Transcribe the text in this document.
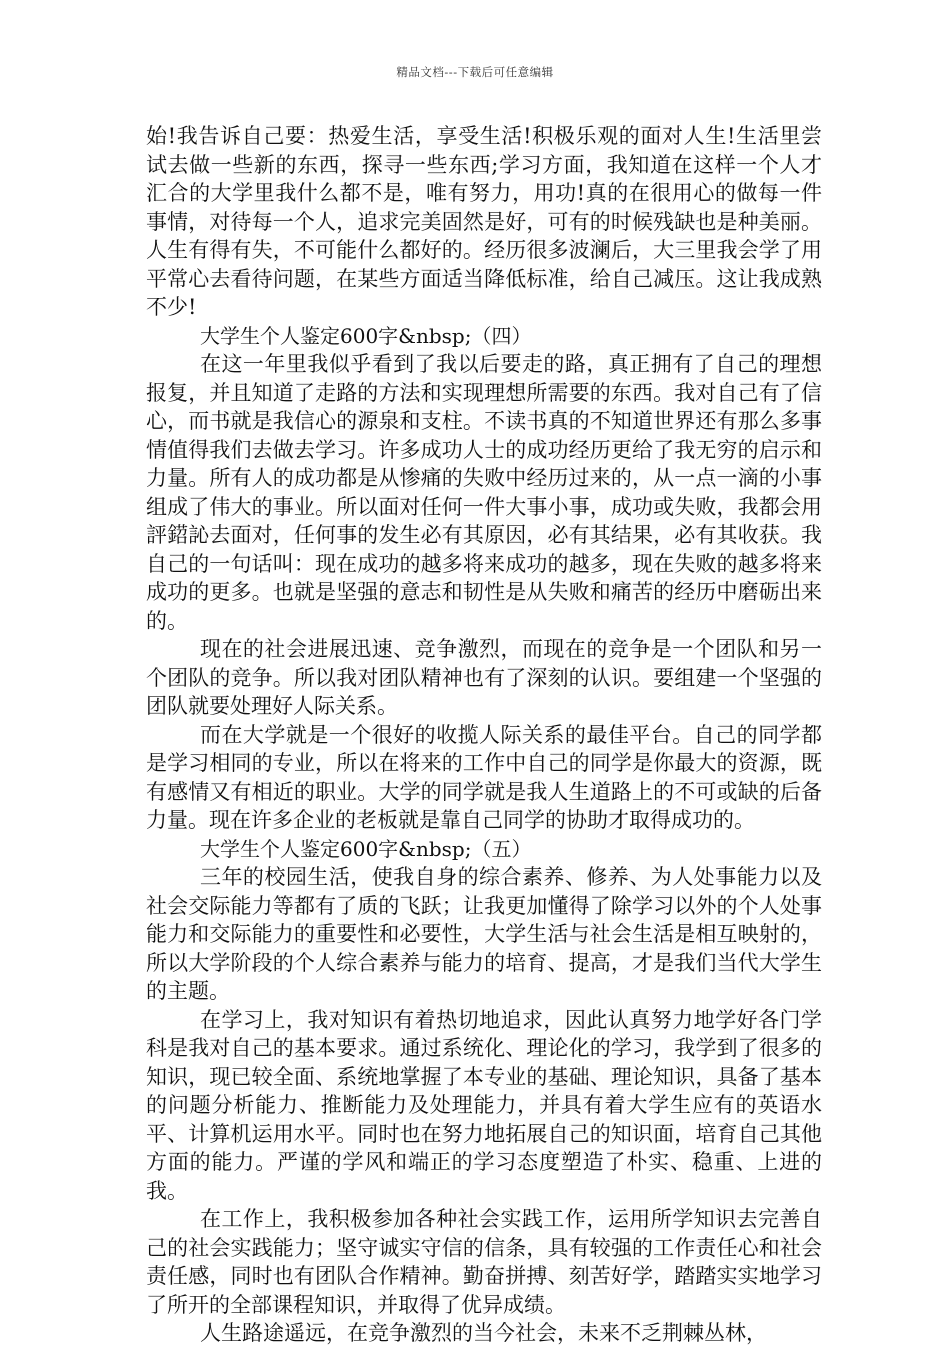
精品文档---下载后可任意编辑

始!我告诉自己要：热爱生活，享受生活!积极乐观的面对人生!生活里尝试去做一些新的东西，探寻一些东西;学习方面，我知道在这样一个人才汇合的大学里我什么都不是，唯有努力，用功!真的在很用心的做每一件事情，对待每一个人，追求完美固然是好，可有的时候残缺也是种美丽。人生有得有失，不可能什么都好的。经历很多波澜后，大三里我会学了用平常心去看待问题，在某些方面适当降低标准，给自己减压。这让我成熟不少!

大学生个人鉴定600字&nbsp;（四）

在这一年里我似乎看到了我以后要走的路，真正拥有了自己的理想报复，并且知道了走路的方法和实现理想所需要的东西。我对自己有了信心，而书就是我信心的源泉和支柱。不读书真的不知道世界还有那么多事情值得我们去做去学习。许多成功人士的成功经历更给了我无穷的启示和力量。所有人的成功都是从惨痛的失败中经历过来的，从一点一滴的小事组成了伟大的事业。所以面对任何一件大事小事，成功或失败，我都会用評鍣訫去面对，任何事的发生必有其原因，必有其结果，必有其收获。我自己的一句话叫：现在成功的越多将来成功的越多，现在失败的越多将来成功的更多。也就是坚强的意志和韧性是从失败和痛苦的经历中磨砺出来的。

现在的社会进展迅速、竞争激烈，而现在的竞争是一个团队和另一个团队的竞争。所以我对团队精神也有了深刻的认识。要组建一个坚强的团队就要处理好人际关系。

而在大学就是一个很好的收揽人际关系的最佳平台。自己的同学都是学习相同的专业，所以在将来的工作中自己的同学是你最大的资源，既有感情又有相近的职业。大学的同学就是我人生道路上的不可或缺的后备力量。现在许多企业的老板就是靠自己同学的协助才取得成功的。

大学生个人鉴定600字&nbsp;（五）

三年的校园生活，使我自身的综合素养、修养、为人处事能力以及社会交际能力等都有了质的飞跃；让我更加懂得了除学习以外的个人处事能力和交际能力的重要性和必要性，大学生活与社会生活是相互映射的，所以大学阶段的个人综合素养与能力的培育、提高，才是我们当代大学生的主题。

在学习上，我对知识有着热切地追求，因此认真努力地学好各门学科是我对自己的基本要求。通过系统化、理论化的学习，我学到了很多的知识，现已较全面、系统地掌握了本专业的基础、理论知识，具备了基本的问题分析能力、推断能力及处理能力，并具有着大学生应有的英语水平、计算机运用水平。同时也在努力地拓展自己的知识面，培育自己其他方面的能力。严谨的学风和端正的学习态度塑造了朴实、稳重、上进的我。

在工作上，我积极参加各种社会实践工作，运用所学知识去完善自己的社会实践能力；坚守诚实守信的信条，具有较强的工作责任心和社会责任感，同时也有团队合作精神。勤奋拼搏、刻苦好学，踏踏实实地学习了所开的全部课程知识，并取得了优异成绩。

人生路途遥远，在竞争激烈的当今社会，未来不乏荆棘丛林，
